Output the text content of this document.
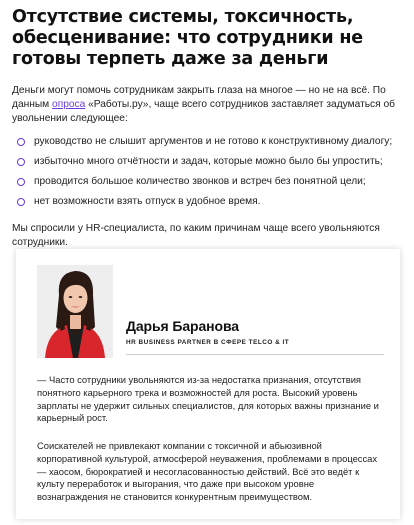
Отсутствие системы, токсичность, обесценивание: что сотрудники не готовы терпеть даже за деньги

Деньги могут помочь сотрудникам закрыть глаза на многое — но не на всё. По данным опроса «Работы.ру», чаще всего сотрудников заставляет задуматься об увольнении следующее:

руководство не слышит аргументов и не готово к конструктивному диалогу;
избыточно много отчётности и задач, которые можно было бы упростить;
проводится большое количество звонков и встреч без понятной цели;
нет возможности взять отпуск в удобное время.

Мы спросили у HR-специалиста, по каким причинам чаще всего увольняются сотрудники.

Дарья Баранова
HR BUSINESS PARTNER В СФЕРЕ TELCO & IT

— Часто сотрудники увольняются из-за недостатка признания, отсутствия понятного карьерного трека и возможностей для роста. Высокий уровень зарплаты не удержит сильных специалистов, для которых важны признание и карьерный рост.

Соискателей не привлекают компании с токсичной и абьюзивной корпоративной культурой, атмосферой неуважения, проблемами в процессах — хаосом, бюрократией и несогласованностью действий. Всё это ведёт к культу переработок и выгорания, что даже при высоком уровне вознаграждения не становится конкурентным преимуществом.
